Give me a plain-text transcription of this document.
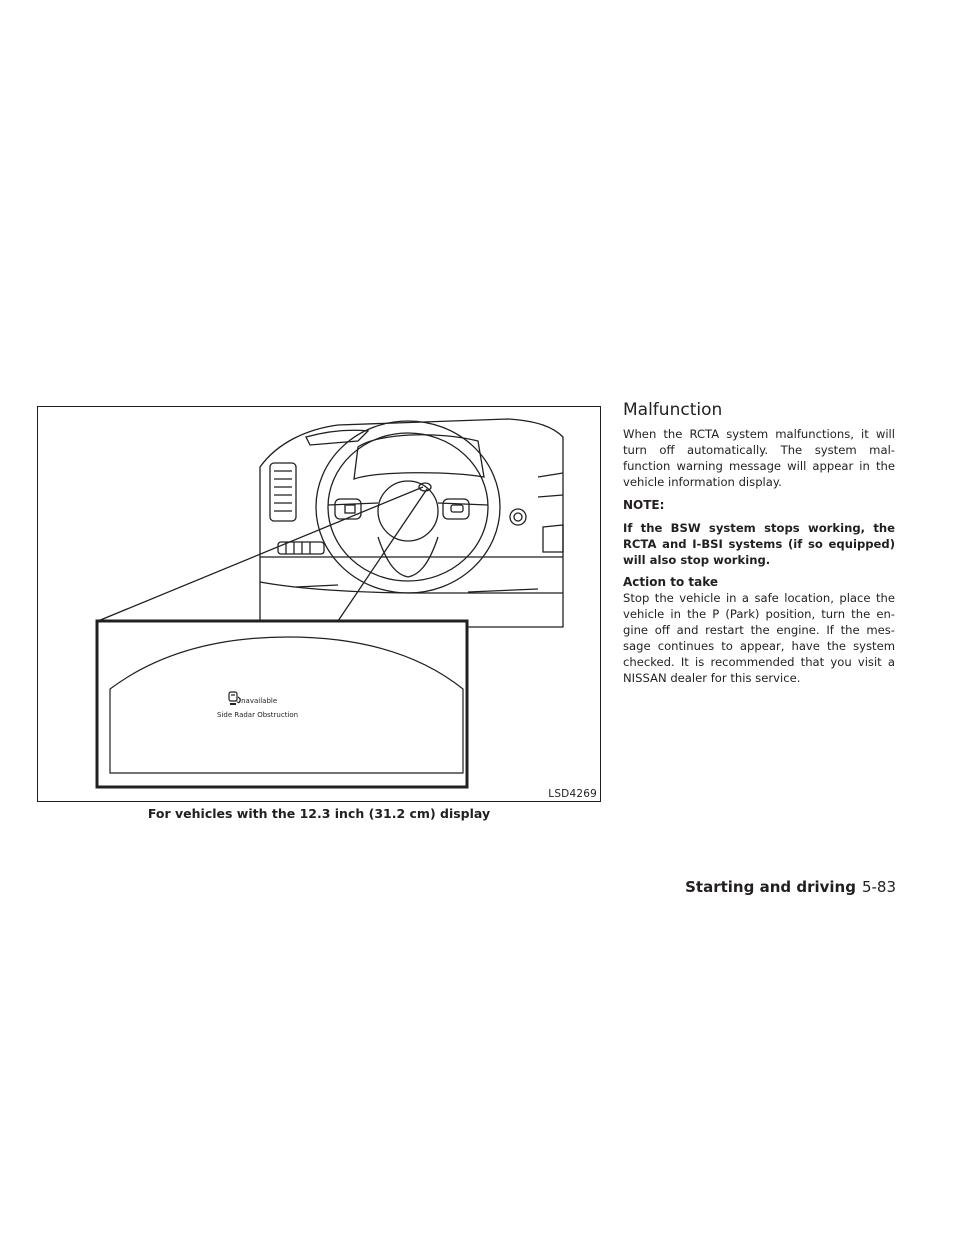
LSD4269
Unavailable
Side Radar Obstruction
For vehicles with the 12.3 inch (31.2 cm) display
Malfunction

When the RCTA system malfunctions, it will turn off automatically. The system mal-function warning message will appear in the vehicle information display.

NOTE:

If the BSW system stops working, the RCTA and I-BSI systems (if so equipped) will also stop working.

Action to take

Stop the vehicle in a safe location, place the vehicle in the P (Park) position, turn the en-gine off and restart the engine. If the mes-sage continues to appear, have the system checked. It is recommended that you visit a NISSAN dealer for this service.

Starting and driving 5-83
